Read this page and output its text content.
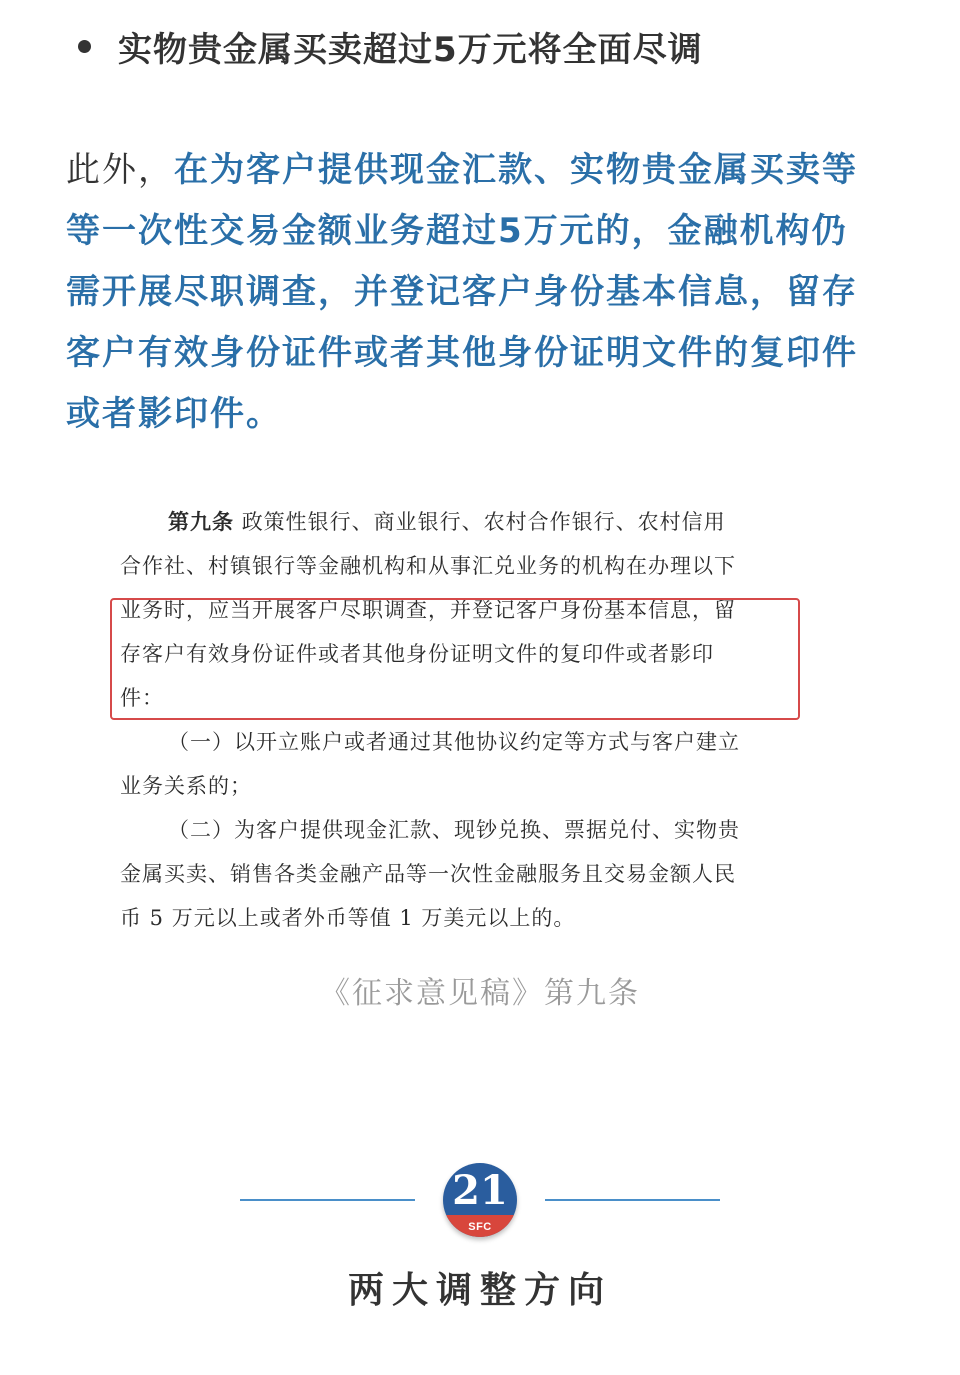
实物贵金属买卖超过5万元将全面尽调

此外，在为客户提供现金汇款、实物贵金属买卖等
等一次性交易金额业务超过5万元的，金融机构仍
需开展尽职调查，并登记客户身份基本信息，留存
客户有效身份证件或者其他身份证明文件的复印件
或者影印件。

第九条 政策性银行、商业银行、农村合作银行、农村信用
合作社、村镇银行等金融机构和从事汇兑业务的机构在办理以下
业务时，应当开展客户尽职调查，并登记客户身份基本信息，留
存客户有效身份证件或者其他身份证明文件的复印件或者影印
件：
（一）以开立账户或者通过其他协议约定等方式与客户建立
业务关系的；
（二）为客户提供现金汇款、现钞兑换、票据兑付、实物贵
金属买卖、销售各类金融产品等一次性金融服务且交易金额人民
币 5 万元以上或者外币等值 1 万美元以上的。
《征求意见稿》第九条
21
SFC
两大调整方向
